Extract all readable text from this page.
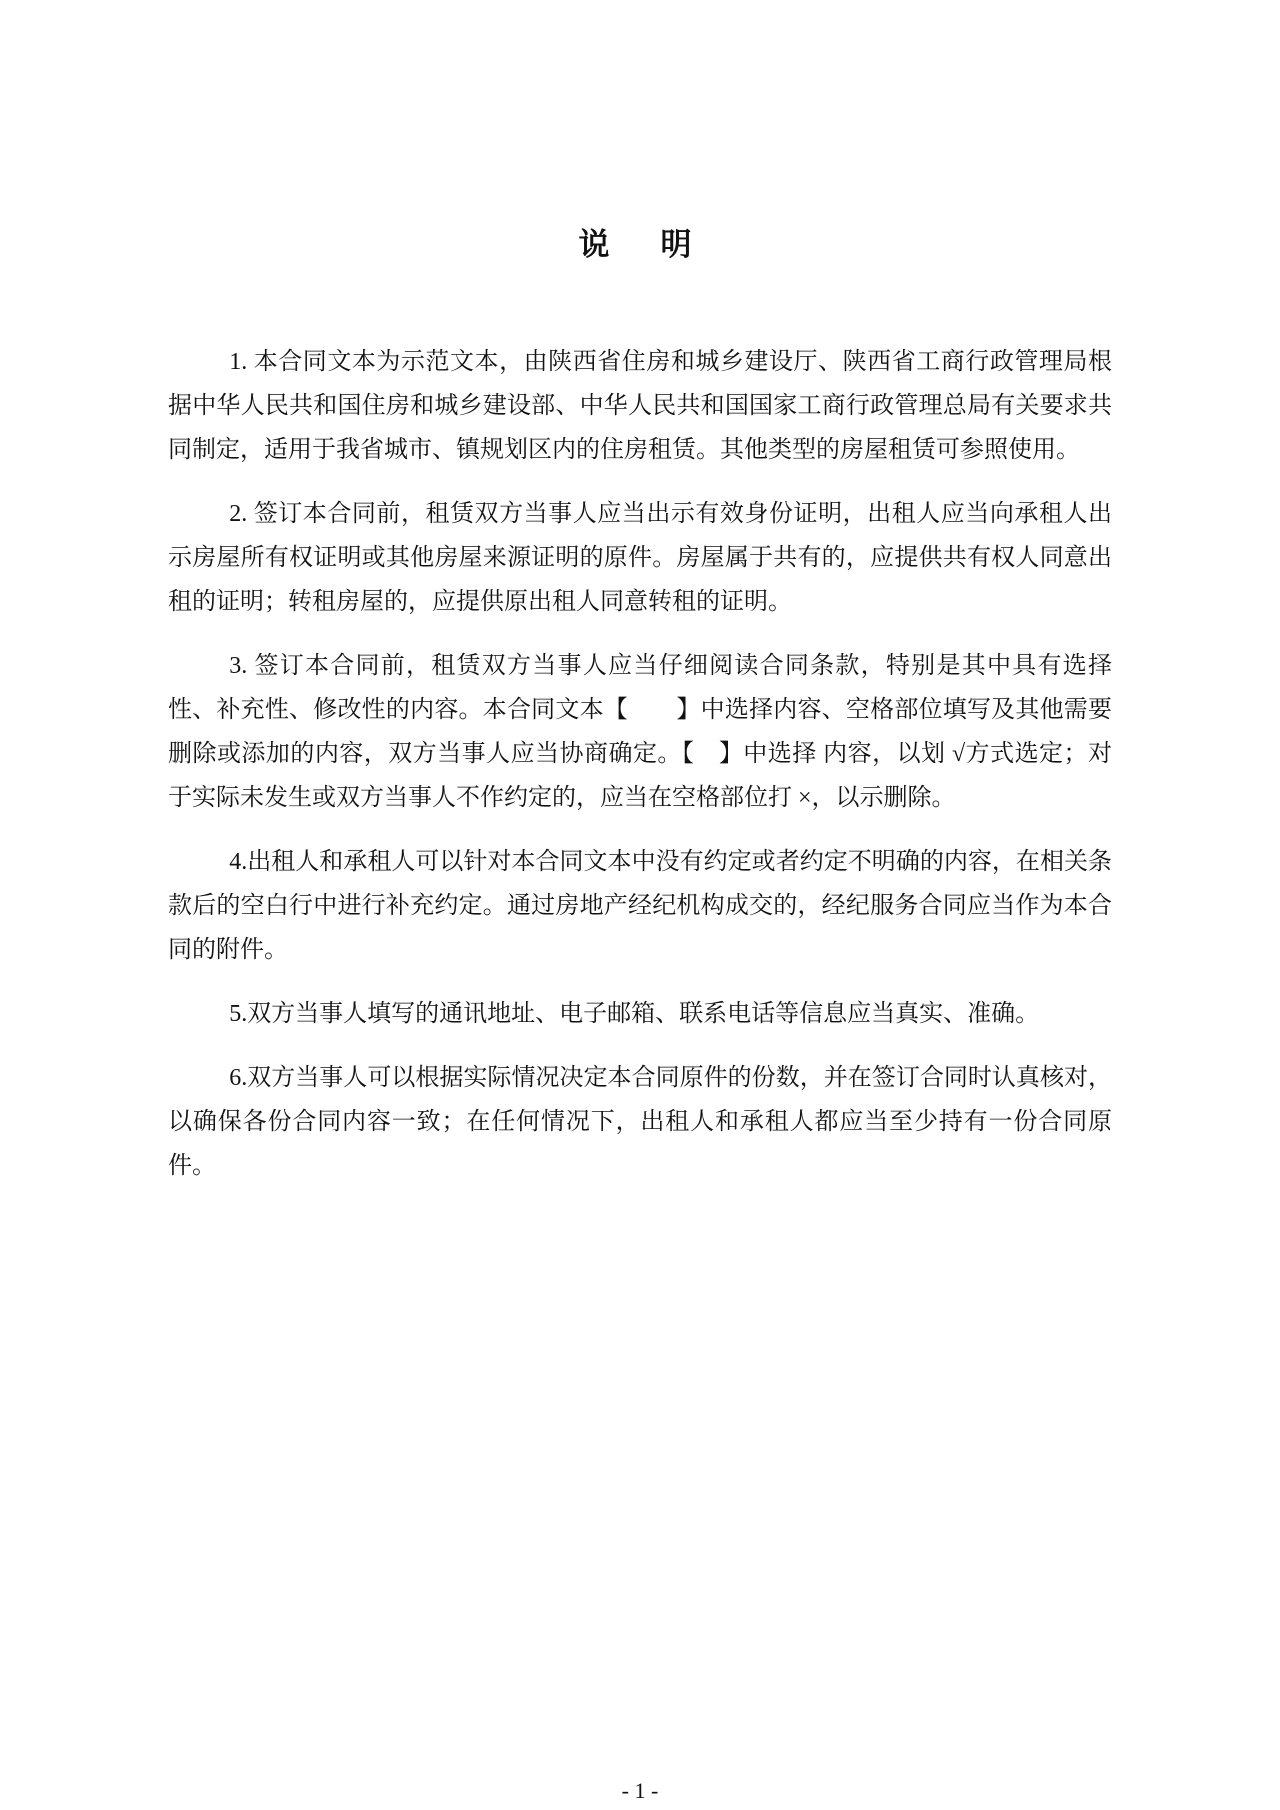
说　明

1. 本合同文本为示范文本，由陕西省住房和城乡建设厅、陕西省工商行政管理局根据中华人民共和国住房和城乡建设部、中华人民共和国国家工商行政管理总局有关要求共同制定，适用于我省城市、镇规划区内的住房租赁。其他类型的房屋租赁可参照使用。

2. 签订本合同前，租赁双方当事人应当出示有效身份证明，出租人应当向承租人出示房屋所有权证明或其他房屋来源证明的原件。房屋属于共有的，应提供共有权人同意出租的证明；转租房屋的，应提供原出租人同意转租的证明。

3. 签订本合同前，租赁双方当事人应当仔细阅读合同条款，特别是其中具有选择性、补充性、修改性的内容。本合同文本【　　】中选择内容、空格部位填写及其他需要删除或添加的内容，双方当事人应当协商确定。【　】中选择 内容，以划 √方式选定；对于实际未发生或双方当事人不作约定的，应当在空格部位打 ×，以示删除。

4.出租人和承租人可以针对本合同文本中没有约定或者约定不明确的内容，在相关条款后的空白行中进行补充约定。通过房地产经纪机构成交的，经纪服务合同应当作为本合同的附件。

5.双方当事人填写的通讯地址、电子邮箱、联系电话等信息应当真实、准确。

6.双方当事人可以根据实际情况决定本合同原件的份数，并在签订合同时认真核对，以确保各份合同内容一致；在任何情况下，出租人和承租人都应当至少持有一份合同原件。

- 1 -
